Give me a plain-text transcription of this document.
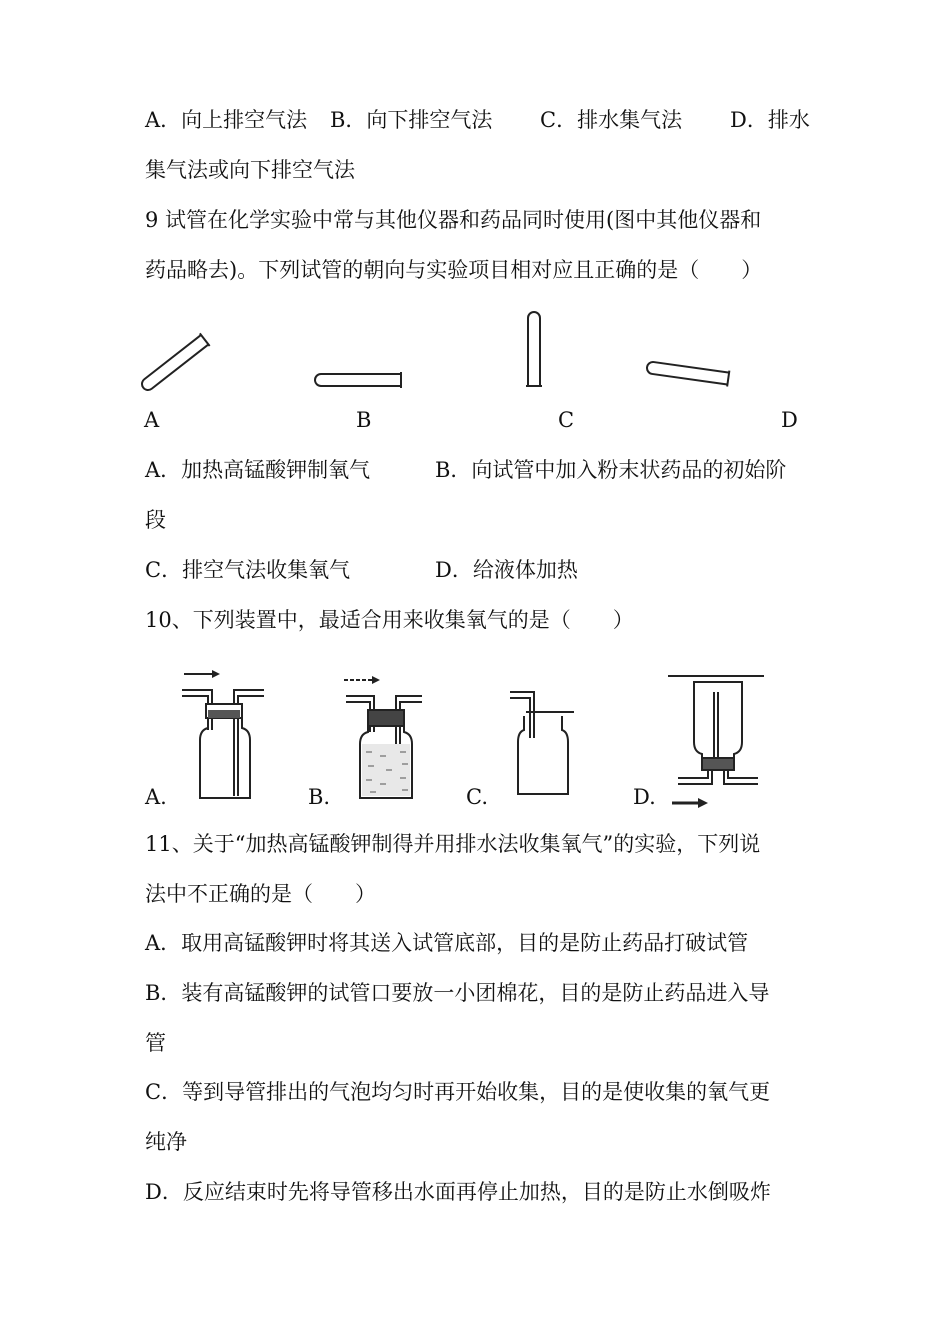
A．向上排空气法 B．向下排空气法 C．排水集气法 D．排水
集气法或向下排空气法
9 试管在化学实验中常与其他仪器和药品同时使用(图中其他仪器和
药品略去)。下列试管的朝向与实验项目相对应且正确的是（　　）
A	B	C	D
A．加热高锰酸钾制氧气	B．向试管中加入粉末状药品的初始阶
段
C．排空气法收集氧气	D．给液体加热
10、下列装置中，最适合用来收集氧气的是（　　）
A.	B.	C.	D.
11、关于“加热高锰酸钾制得并用排水法收集氧气”的实验，下列说
法中不正确的是（　　）
A．取用高锰酸钾时将其送入试管底部，目的是防止药品打破试管
B．装有高锰酸钾的试管口要放一小团棉花，目的是防止药品进入导
管
C．等到导管排出的气泡均匀时再开始收集，目的是使收集的氧气更
纯净
D．反应结束时先将导管移出水面再停止加热，目的是防止水倒吸炸
